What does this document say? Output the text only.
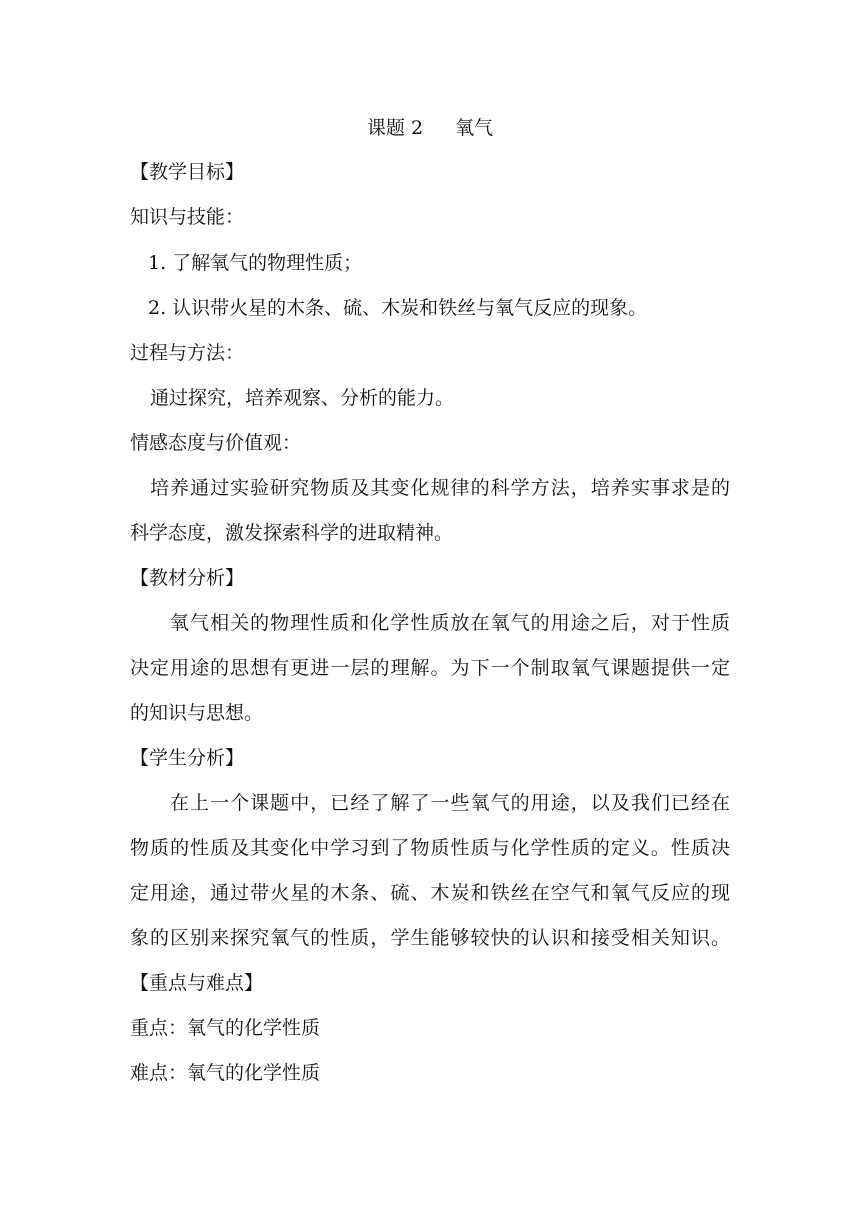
课题 2 氧气
【教学目标】
知识与技能：
1. 了解氧气的物理性质；
2. 认识带火星的木条、硫、木炭和铁丝与氧气反应的现象。
过程与方法：
通过探究，培养观察、分析的能力。
情感态度与价值观：
培养通过实验研究物质及其变化规律的科学方法，培养实事求是的
科学态度，激发探索科学的进取精神。
【教材分析】
氧气相关的物理性质和化学性质放在氧气的用途之后，对于性质
决定用途的思想有更进一层的理解。为下一个制取氧气课题提供一定
的知识与思想。
【学生分析】
在上一个课题中，已经了解了一些氧气的用途，以及我们已经在
物质的性质及其变化中学习到了物质性质与化学性质的定义。性质决
定用途，通过带火星的木条、硫、木炭和铁丝在空气和氧气反应的现
象的区别来探究氧气的性质，学生能够较快的认识和接受相关知识。
【重点与难点】
重点：氧气的化学性质
难点：氧气的化学性质
